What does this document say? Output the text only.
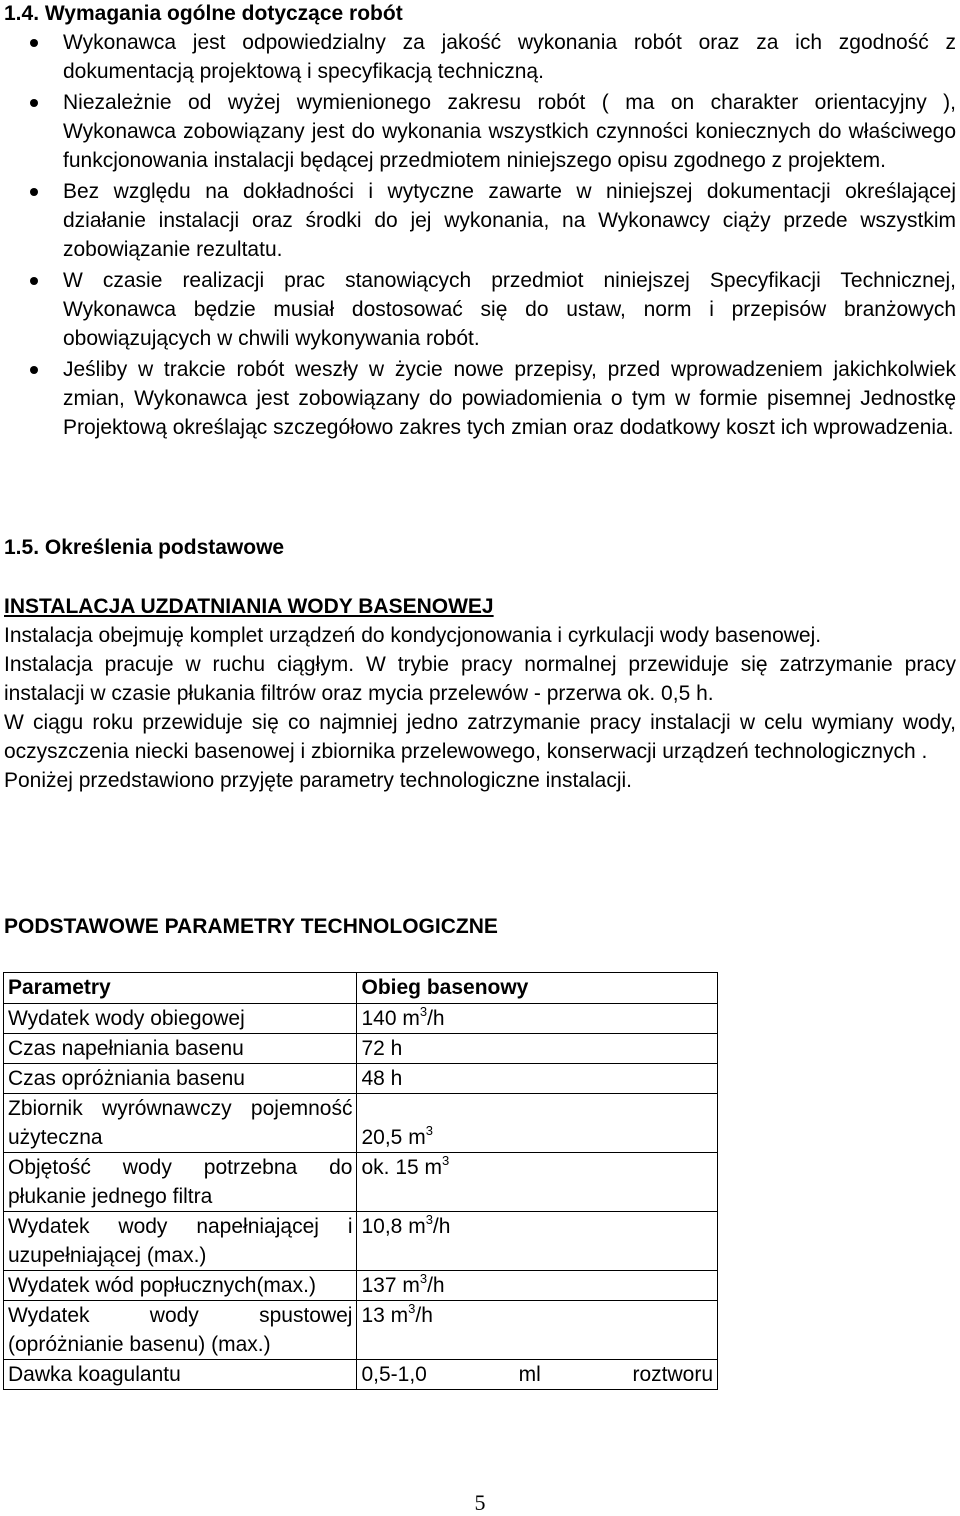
1.4. Wymagania ogólne dotyczące robót
Wykonawca jest odpowiedzialny za jakość wykonania robót oraz za ich zgodność z dokumentacją projektową i specyfikacją techniczną.
Niezależnie od wyżej wymienionego zakresu robót ( ma on charakter orientacyjny ), Wykonawca zobowiązany jest do wykonania wszystkich czynności koniecznych do właściwego funkcjonowania instalacji będącej przedmiotem niniejszego opisu zgodnego z projektem.
Bez względu na dokładności i wytyczne zawarte w niniejszej dokumentacji określającej działanie instalacji oraz środki do jej wykonania, na Wykonawcy ciąży przede wszystkim zobowiązanie rezultatu.
W czasie realizacji prac stanowiących przedmiot niniejszej Specyfikacji Technicznej, Wykonawca będzie musiał dostosować się do ustaw, norm i przepisów branżowych obowiązujących w chwili wykonywania robót.
Jeśliby w trakcie robót weszły w życie nowe przepisy, przed wprowadzeniem jakichkolwiek zmian, Wykonawca jest zobowiązany do powiadomienia o tym w formie pisemnej Jednostkę Projektową określając szczegółowo zakres tych zmian oraz dodatkowy koszt ich wprowadzenia.
1.5. Określenia podstawowe
INSTALACJA UZDATNIANIA WODY BASENOWEJ

Instalacja obejmuję komplet urządzeń do kondycjonowania i cyrkulacji wody basenowej.

Instalacja pracuje w ruchu ciągłym. W trybie pracy normalnej przewiduje się zatrzymanie pracy instalacji w czasie płukania filtrów oraz mycia przelewów - przerwa ok. 0,5 h.

W ciągu roku przewiduje się co najmniej jedno zatrzymanie pracy instalacji w celu wymiany wody, oczyszczenia niecki basenowej i zbiornika przelewowego, konserwacji urządzeń technologicznych .

Poniżej przedstawiono przyjęte parametry technologiczne instalacji.

PODSTAWOWE PARAMETRY TECHNOLOGICZNE
Parametry	Obieg basenowy
Wydatek wody obiegowej	140 $m^3/h$
Czas napełniania basenu	72 h
Czas opróżniania basenu	48 h
Zbiornik wyrównawczy pojemność użyteczna	20,5 $m^3$
Objętość wody potrzebna do płukanie jednego filtra	ok. 15 $m^3$
Wydatek wody napełniającej i uzupełniającej (max.)	10,8 $m^3/h$
Wydatek wód popłucznych(max.)	137 $m^3/h$
Wydatek wody spustowej (opróżnianie basenu) (max.)	13 $m^3/h$
Dawka koagulantu	0,5-1,0 ml roztworu
5
